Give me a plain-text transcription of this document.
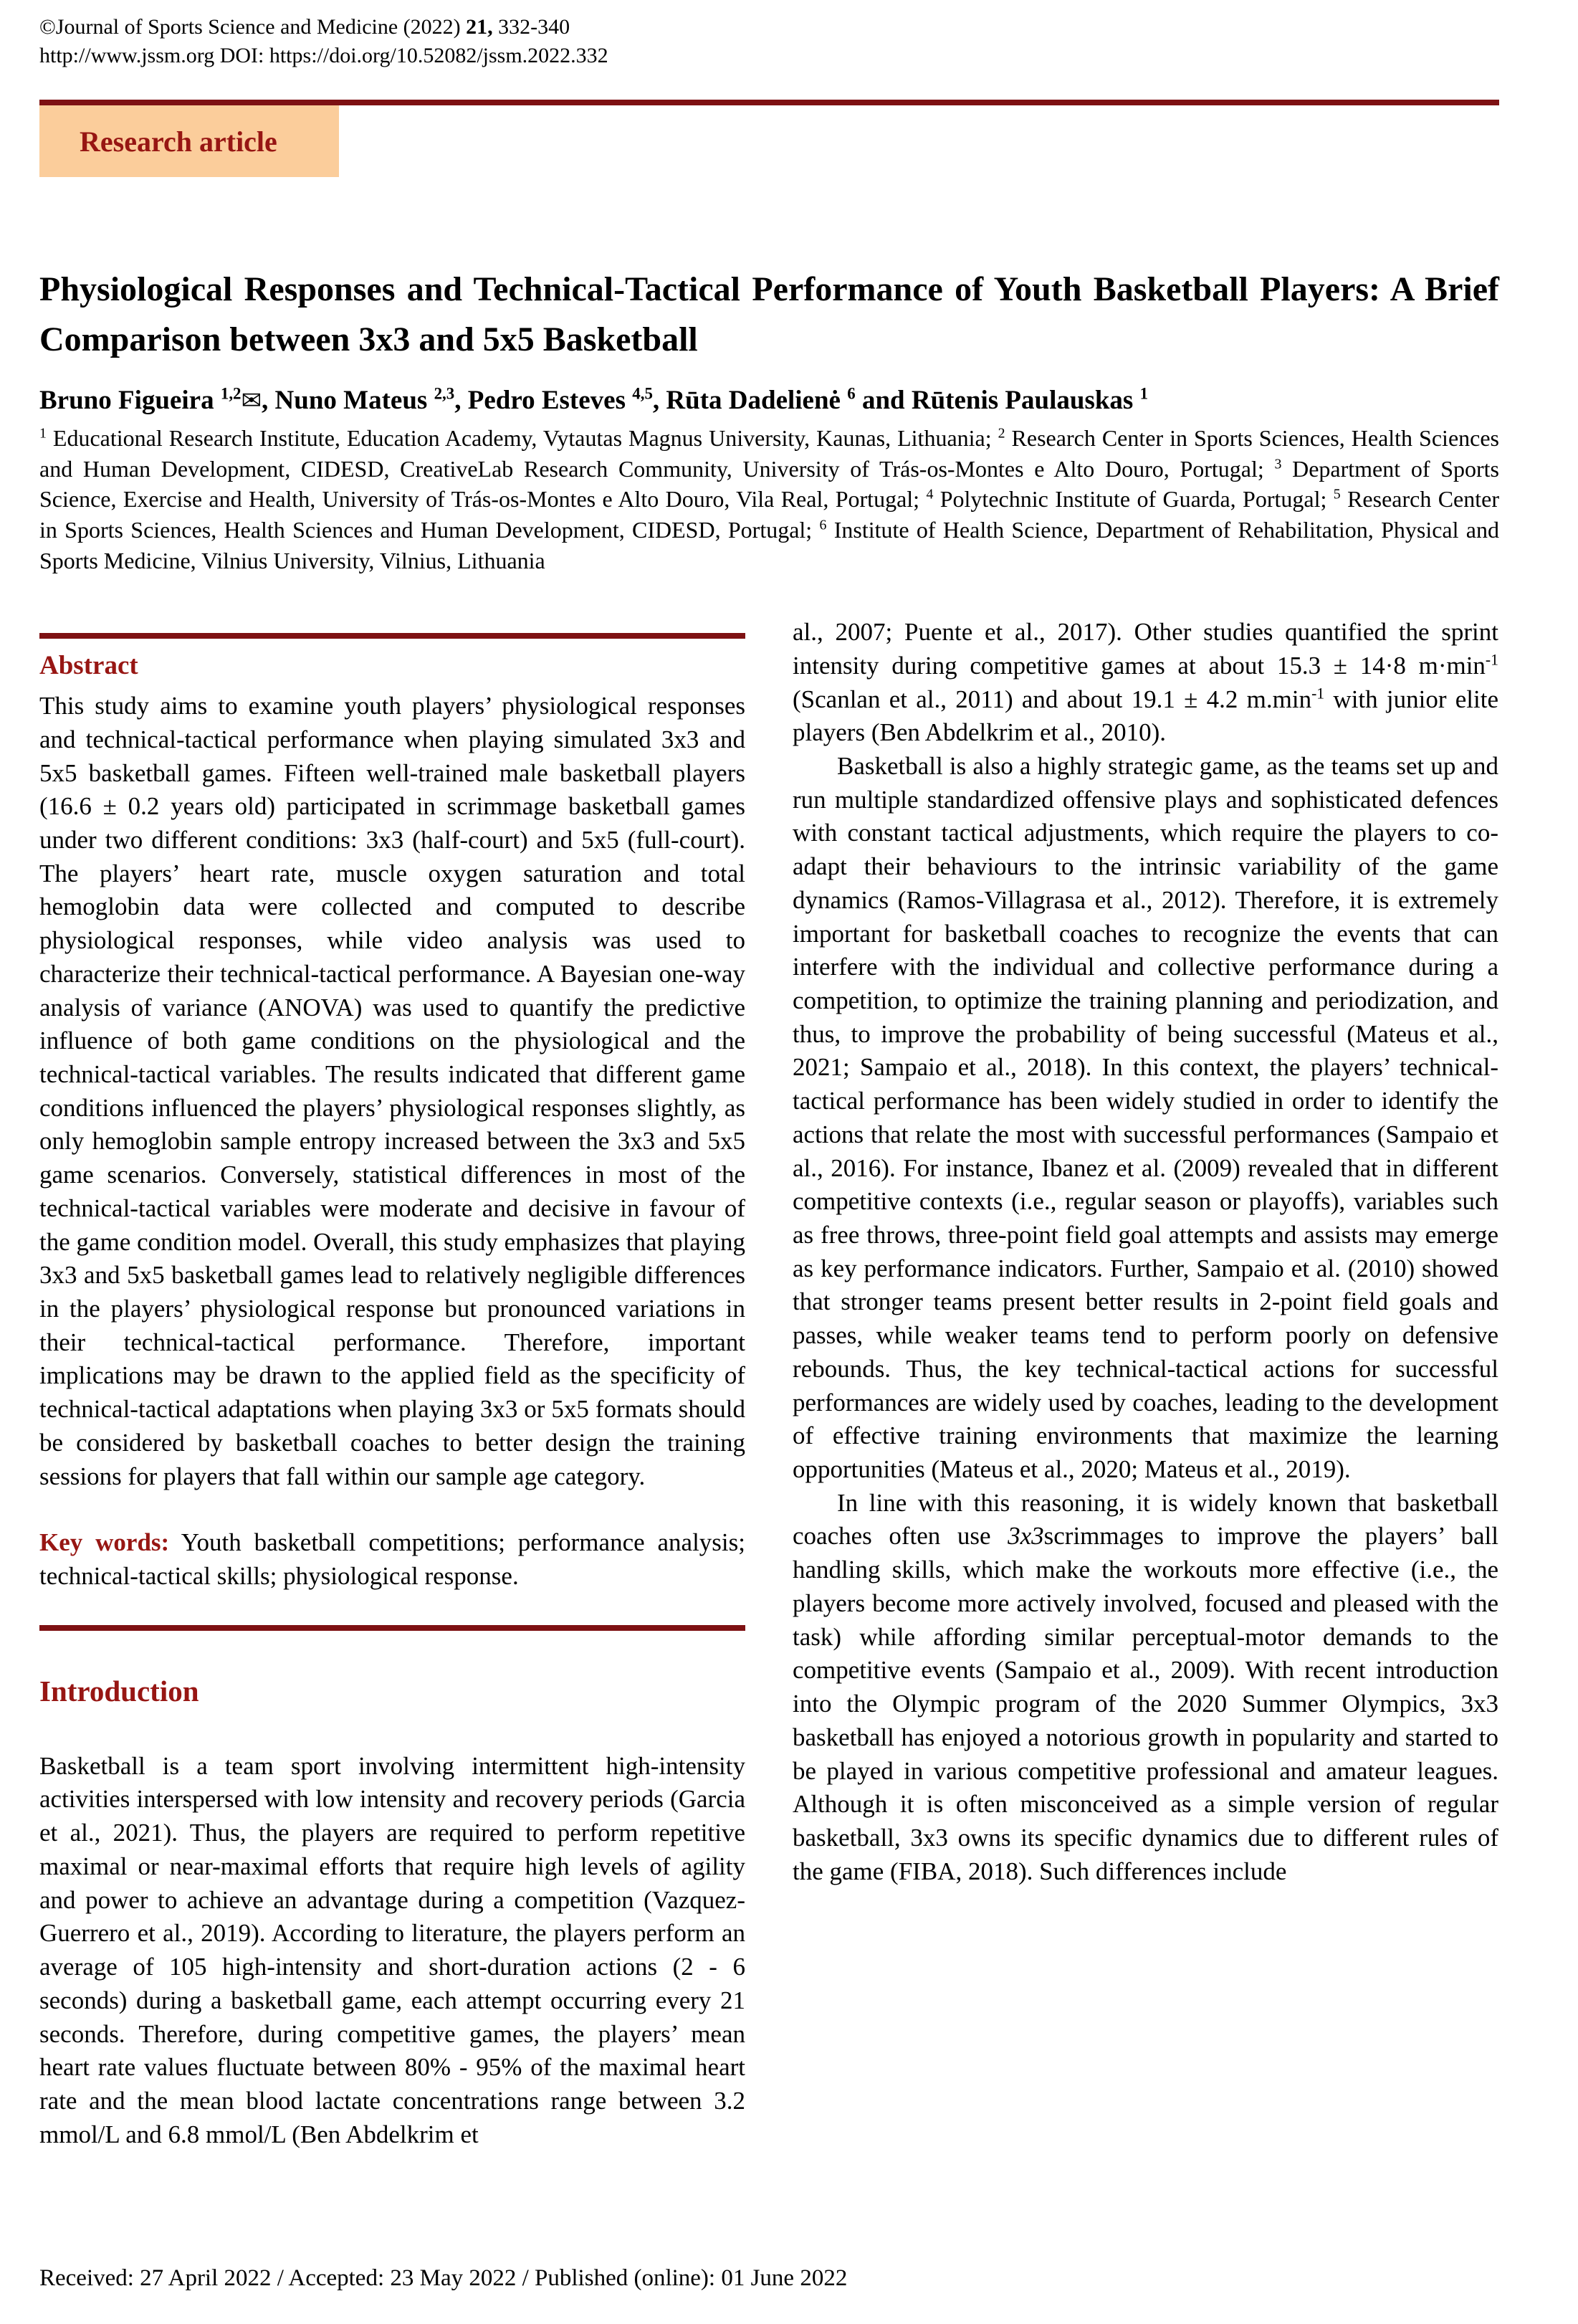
©Journal of Sports Science and Medicine (2022) 21, 332-340
http://www.jssm.org DOI: https://doi.org/10.52082/jssm.2022.332
Research article
Physiological Responses and Technical-Tactical Performance of Youth Basketball Players: A Brief Comparison between 3x3 and 5x5 Basketball
Bruno Figueira $^{1,2}$✉, Nuno Mateus $^{2,3}$, Pedro Esteves $^{4,5}$, Rūta Dadelienė $^6$ and Rūtenis Paulauskas $^1$
$^1$ Educational Research Institute, Education Academy, Vytautas Magnus University, Kaunas, Lithuania; $^2$ Research Center in Sports Sciences, Health Sciences and Human Development, CIDESD, CreativeLab Research Community, University of Trás-os-Montes e Alto Douro, Portugal; $^3$ Department of Sports Science, Exercise and Health, University of Trás-os-Montes e Alto Douro, Vila Real, Portugal; $^4$ Polytechnic Institute of Guarda, Portugal; $^5$ Research Center in Sports Sciences, Health Sciences and Human Development, CIDESD, Portugal; $^6$ Institute of Health Science, Department of Rehabilitation, Physical and Sports Medicine, Vilnius University, Vilnius, Lithuania
Abstract

This study aims to examine youth players’ physiological responses and technical-tactical performance when playing simulated 3x3 and 5x5 basketball games. Fifteen well-trained male basketball players (16.6 ± 0.2 years old) participated in scrimmage basketball games under two different conditions: 3x3 (half-court) and 5x5 (full-court). The players’ heart rate, muscle oxygen saturation and total hemoglobin data were collected and computed to describe physiological responses, while video analysis was used to characterize their technical-tactical performance. A Bayesian one-way analysis of variance (ANOVA) was used to quantify the predictive influence of both game conditions on the physiological and the technical-tactical variables. The results indicated that different game conditions influenced the players’ physiological responses slightly, as only hemoglobin sample entropy increased between the 3x3 and 5x5 game scenarios. Conversely, statistical differences in most of the technical-tactical variables were moderate and decisive in favour of the game condition model. Overall, this study emphasizes that playing 3x3 and 5x5 basketball games lead to relatively negligible differences in the players’ physiological response but pronounced variations in their technical-tactical performance. Therefore, important implications may be drawn to the applied field as the specificity of technical-tactical adaptations when playing 3x3 or 5x5 formats should be considered by basketball coaches to better design the training sessions for players that fall within our sample age category.

Key words: Youth basketball competitions; performance analysis; technical-tactical skills; physiological response.

Introduction

Basketball is a team sport involving intermittent high-intensity activities interspersed with low intensity and recovery periods (Garcia et al., 2021). Thus, the players are required to perform repetitive maximal or near-maximal efforts that require high levels of agility and power to achieve an advantage during a competition (Vazquez-Guerrero et al., 2019). According to literature, the players perform an average of 105 high-intensity and short-duration actions (2 - 6 seconds) during a basketball game, each attempt occurring every 21 seconds. Therefore, during competitive games, the players’ mean heart rate values fluctuate between 80% - 95% of the maximal heart rate and the mean blood lactate concentrations range between 3.2 mmol/L and 6.8 mmol/L (Ben Abdelkrim et

al., 2007; Puente et al., 2017). Other studies quantified the sprint intensity during competitive games at about 15.3 ± 14·8 $m\cdot\min^{-1}$ (Scanlan et al., 2011) and about 19.1 ± 4.2 $m.\min^{-1}$ with junior elite players (Ben Abdelkrim et al., 2010).

Basketball is also a highly strategic game, as the teams set up and run multiple standardized offensive plays and sophisticated defences with constant tactical adjustments, which require the players to co-adapt their behaviours to the intrinsic variability of the game dynamics (Ramos-Villagrasa et al., 2012). Therefore, it is extremely important for basketball coaches to recognize the events that can interfere with the individual and collective performance during a competition, to optimize the training planning and periodization, and thus, to improve the probability of being successful (Mateus et al., 2021; Sampaio et al., 2018). In this context, the players’ technical-tactical performance has been widely studied in order to identify the actions that relate the most with successful performances (Sampaio et al., 2016). For instance, Ibanez et al. (2009) revealed that in different competitive contexts (i.e., regular season or playoffs), variables such as free throws, three-point field goal attempts and assists may emerge as key performance indicators. Further, Sampaio et al. (2010) showed that stronger teams present better results in 2-point field goals and passes, while weaker teams tend to perform poorly on defensive rebounds. Thus, the key technical-tactical actions for successful performances are widely used by coaches, leading to the development of effective training environments that maximize the learning opportunities (Mateus et al., 2020; Mateus et al., 2019).

In line with this reasoning, it is widely known that basketball coaches often use 3x3scrimmages to improve the players’ ball handling skills, which make the workouts more effective (i.e., the players become more actively involved, focused and pleased with the task) while affording similar perceptual-motor demands to the competitive events (Sampaio et al., 2009). With recent introduction into the Olympic program of the 2020 Summer Olympics, 3x3 basketball has enjoyed a notorious growth in popularity and started to be played in various competitive professional and amateur leagues. Although it is often misconceived as a simple version of regular basketball, 3x3 owns its specific dynamics due to different rules of the game (FIBA, 2018). Such differences include

Received: 27 April 2022 / Accepted: 23 May 2022 / Published (online): 01 June 2022
